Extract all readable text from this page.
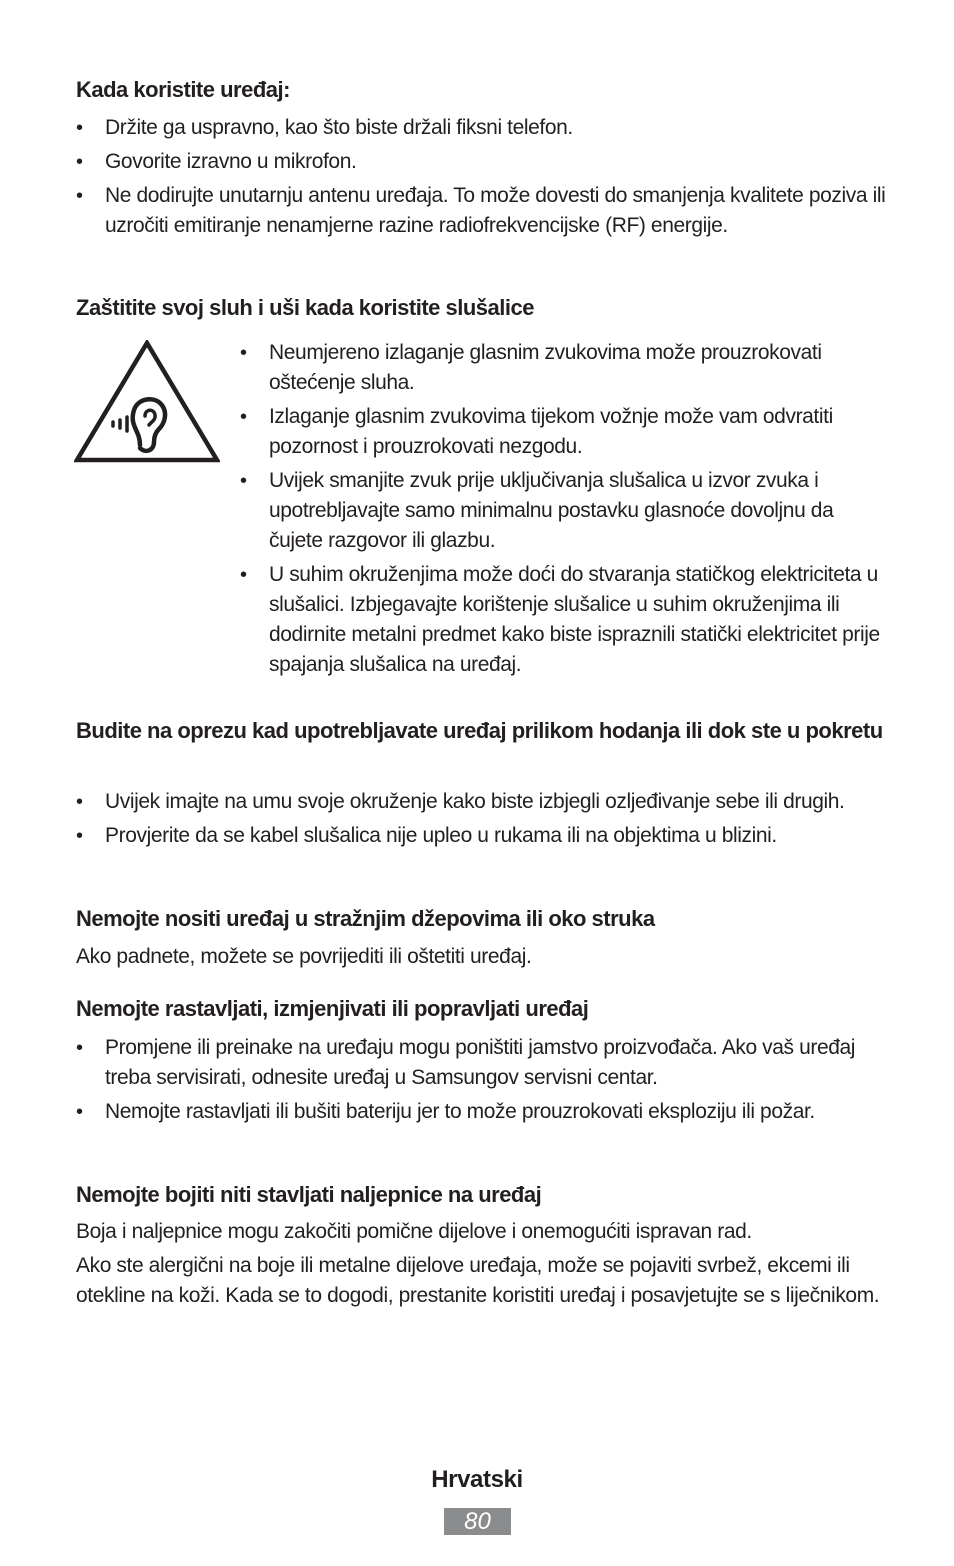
Kada koristite uređaj:
• Držite ga uspravno, kao što biste držali fiksni telefon.
• Govorite izravno u mikrofon.
• Ne dodirujte unutarnju antenu uređaja. To može dovesti do smanjenja kvalitete poziva ili uzročiti emitiranje nenamjerne razine radiofrekvencijske (RF) energije.
Zaštitite svoj sluh i uši kada koristite slušalice
• Neumjereno izlaganje glasnim zvukovima može prouzrokovati oštećenje sluha.
• Izlaganje glasnim zvukovima tijekom vožnje može vam odvratiti pozornost i prouzrokovati nezgodu.
• Uvijek smanjite zvuk prije uključivanja slušalica u izvor zvuka i upotrebljavajte samo minimalnu postavku glasnoće dovoljnu da čujete razgovor ili glazbu.
• U suhim okruženjima može doći do stvaranja statičkog elektriciteta u slušalici. Izbjegavajte korištenje slušalice u suhim okruženjima ili dodirnite metalni predmet kako biste ispraznili statički elektricitet prije spajanja slušalica na uređaj.
Budite na oprezu kad upotrebljavate uređaj prilikom hodanja ili dok ste u pokretu
• Uvijek imajte na umu svoje okruženje kako biste izbjegli ozljeđivanje sebe ili drugih.
• Provjerite da se kabel slušalica nije upleo u rukama ili na objektima u blizini.
Nemojte nositi uređaj u stražnjim džepovima ili oko struka

Ako padnete, možete se povrijediti ili oštetiti uređaj.

Nemojte rastavljati, izmjenjivati ili popravljati uređaj
• Promjene ili preinake na uređaju mogu poništiti jamstvo proizvođača. Ako vaš uređaj treba servisirati, odnesite uređaj u Samsungov servisni centar.
• Nemojte rastavljati ili bušiti bateriju jer to može prouzrokovati eksploziju ili požar.
Nemojte bojiti niti stavljati naljepnice na uređaj

Boja i naljepnice mogu zakočiti pomične dijelove i onemogućiti ispravan rad.

Ako ste alergični na boje ili metalne dijelove uređaja, može se pojaviti svrbež, ekcemi ili otekline na koži. Kada se to dogodi, prestanite koristiti uređaj i posavjetujte se s liječnikom.

Hrvatski
80
